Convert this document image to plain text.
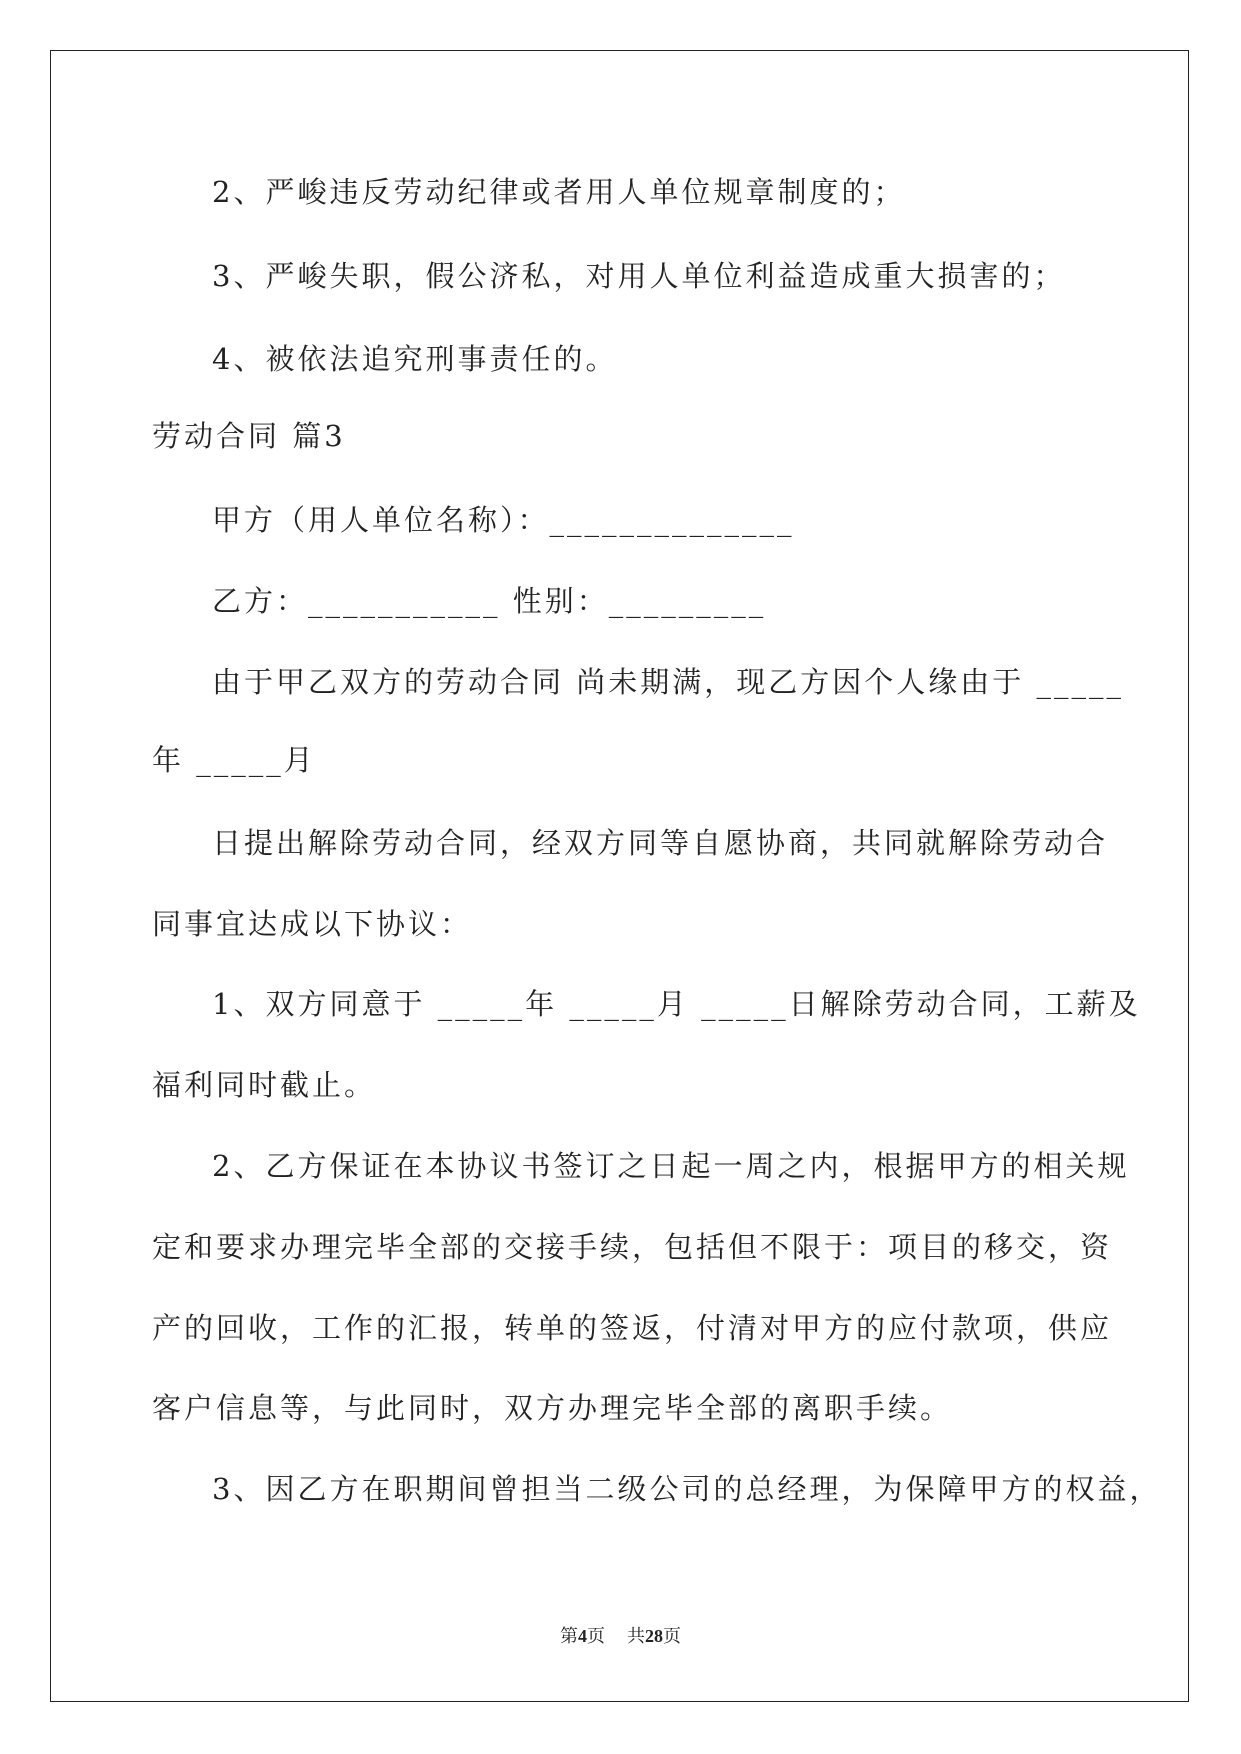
2、严峻违反劳动纪律或者用人单位规章制度的；
3、严峻失职，假公济私，对用人单位利益造成重大损害的；
4、被依法追究刑事责任的。
劳动合同 篇3
甲方（用人单位名称）：______________
乙方：___________ 性别：_________
由于甲乙双方的劳动合同 尚未期满，现乙方因个人缘由于 _____
年 _____月
日提出解除劳动合同，经双方同等自愿协商，共同就解除劳动合
同事宜达成以下协议：
1、双方同意于 _____年 _____月 _____日解除劳动合同，工薪及
福利同时截止。
2、乙方保证在本协议书签订之日起一周之内，根据甲方的相关规
定和要求办理完毕全部的交接手续，包括但不限于：项目的移交，资
产的回收，工作的汇报，转单的签返，付清对甲方的应付款项，供应
客户信息等，与此同时，双方办理完毕全部的离职手续。
3、因乙方在职期间曾担当二级公司的总经理，为保障甲方的权益，
第4页 共28页
